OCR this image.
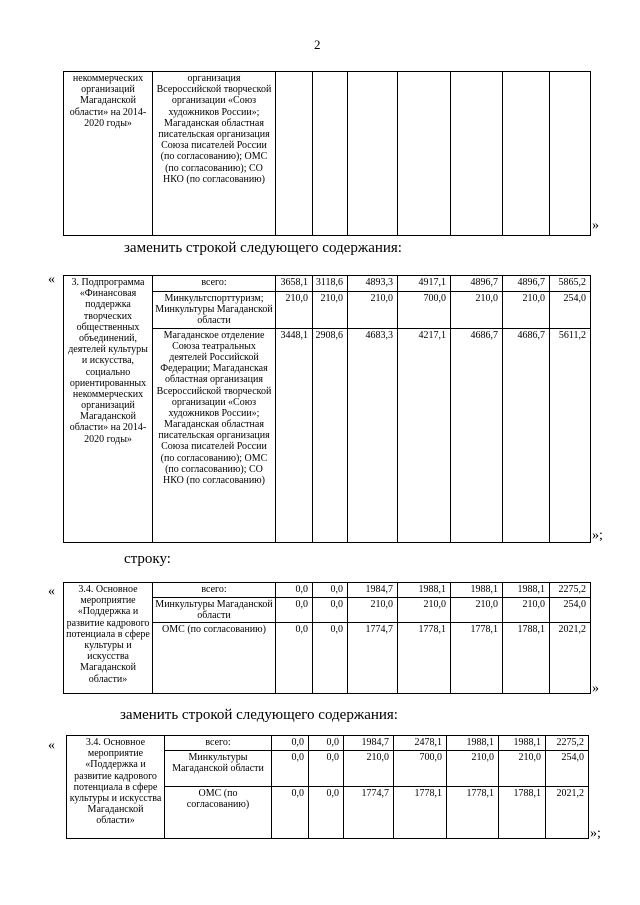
2
некоммерческих организаций Магаданской области» на 2014-2020 годы»	организация Всероссийской творческой организации «Союз художников России»; Магаданская областная писательская организация Союза писателей России (по согласованию); ОМС (по согласованию); СО НКО (по согласованию)							
»
заменить строкой следующего содержания:
« 3. Подпрограмма «Финансовая поддержка творческих общественных объединений, деятелей культуры и искусства, социально ориентированных некоммерческих организаций Магаданской области» на 2014-2020 годы»	всего:	3658,1	3118,6	4893,3	4917,1	4896,7	4896,7	5865,2
	Минкультспорттуризм; Минкультуры Магаданской области	210,0	210,0	210,0	700,0	210,0	210,0	254,0
	Магаданское отделение Союза театральных деятелей Российской Федерации; Магаданская областная организация Всероссийской творческой организации «Союз художников России»; Магаданская областная писательская организация Союза писателей России (по согласованию); ОМС (по согласованию); СО НКО (по согласованию)	3448,1	2908,6	4683,3	4217,1	4686,7	4686,7	5611,2
»;
строку:
« 3.4. Основное мероприятие «Поддержка и развитие кадрового потенциала в сфере культуры и искусства Магаданской области»	всего:	0,0	0,0	1984,7	1988,1	1988,1	1988,1	2275,2
	Минкультуры Магаданской области	0,0	0,0	210,0	210,0	210,0	210,0	254,0
	ОМС (по согласованию)	0,0	0,0	1774,7	1778,1	1778,1	1788,1	2021,2
»
заменить строкой следующего содержания:
«	3.4. Основное мероприятие «Поддержка и развитие кадрового потенциала в сфере культуры и искусства Магаданской области»	всего:	0,0	0,0	1984,7	2478,1	1988,1	1988,1	2275,2
	Минкультуры Магаданской области	0,0	0,0	210,0	700,0	210,0	210,0	254,0
	ОМС (по согласованию)	0,0	0,0	1774,7	1778,1	1778,1	1788,1	2021,2
»;
